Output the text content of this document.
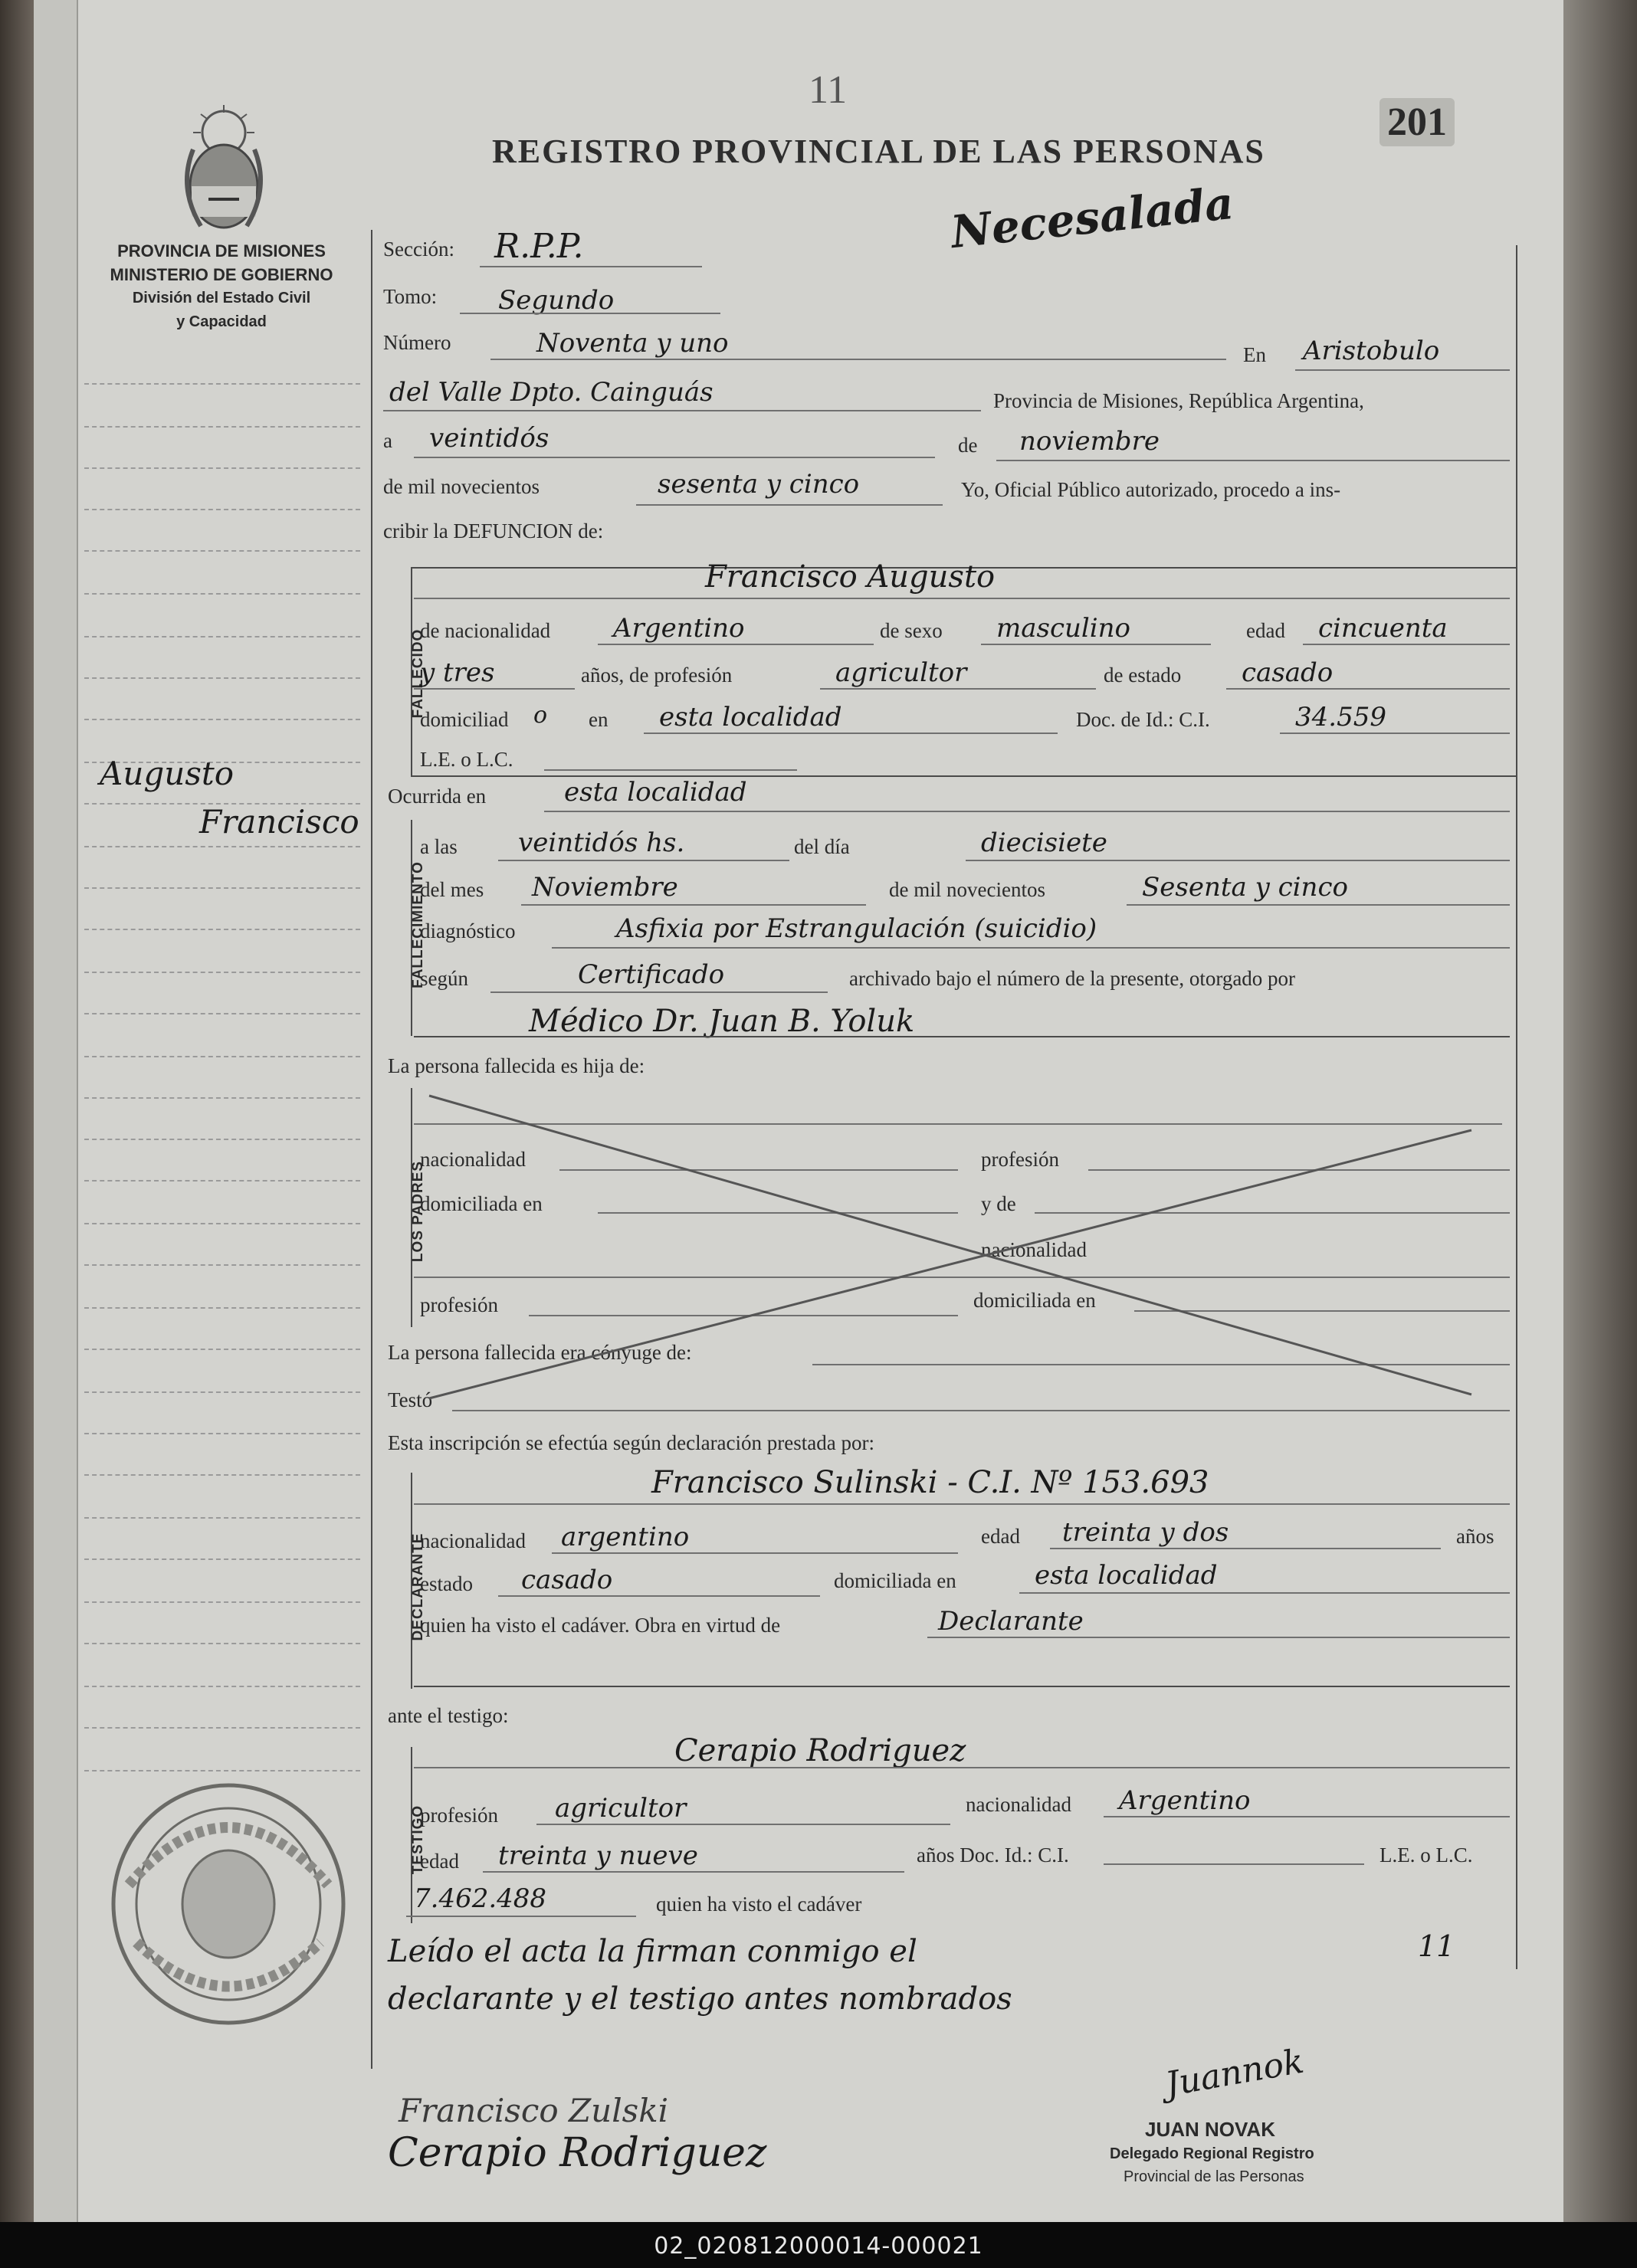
11
201
PROVINCIA DE MISIONES
MINISTERIO DE GOBIERNO
División del Estado Civil
y Capacidad
REGISTRO PROVINCIAL DE LAS PERSONAS
Necesalada
Augusto
Francisco
Sección: R.P.P.
Tomo: Segundo
Número	Noventa y uno	En Aristobulo
del Valle Dpto. Cainguás	Provincia de Misiones, República Argentina,
a veintidós	de noviembre
de mil novecientos	sesenta y cinco	Yo, Oficial Público autorizado, procedo a ins-
cribir la DEFUNCION de:
FALLECIDO
Francisco Augusto
de nacionalidad Argentino	de sexo masculino	edad cincuenta
y tres	años, de profesión	agricultor	de estado casado
domiciliad o en esta localidad	Doc. de Id.: C.I.	34.559
L.E. o L.C.
Ocurrida en	esta localidad
FALLECIMIENTO
a las veintidós hs.	del día	diecisiete
del mes Noviembre	de mil novecientos	Sesenta y cinco
diagnóstico	Asfixia por Estrangulación (suicidio)
según	Certificado	archivado bajo el número de la presente, otorgado por
Médico Dr. Juan B. Yoluk
La persona fallecida es hija de:
LOS PADRES
nacionalidad	profesión
domiciliada en	y de
nacionalidad
profesión	domiciliada en
La persona fallecida era cónyuge de:
Testó
Esta inscripción se efectúa según declaración prestada por:
DECLARANTE
Francisco Sulinski - C.I. Nº 153.693
nacionalidad argentino	edad treinta y dos	años
estado casado	domiciliada en	esta localidad
quien ha visto el cadáver. Obra en virtud de	Declarante
ante el testigo:
TESTIGO
Cerapio Rodriguez
profesión agricultor	nacionalidad Argentino
edad treinta y nueve	años Doc. Id.: C.I.	L.E. o L.C.
7.462.488	quien ha visto el cadáver
Leído el acta la firman conmigo el	11
declarante y el testigo antes nombrados
Francisco Zulski
Cerapio Rodriguez
Juannok
JUAN NOVAK
Delegado Regional Registro
Provincial de las Personas
02_020812000014-000021
